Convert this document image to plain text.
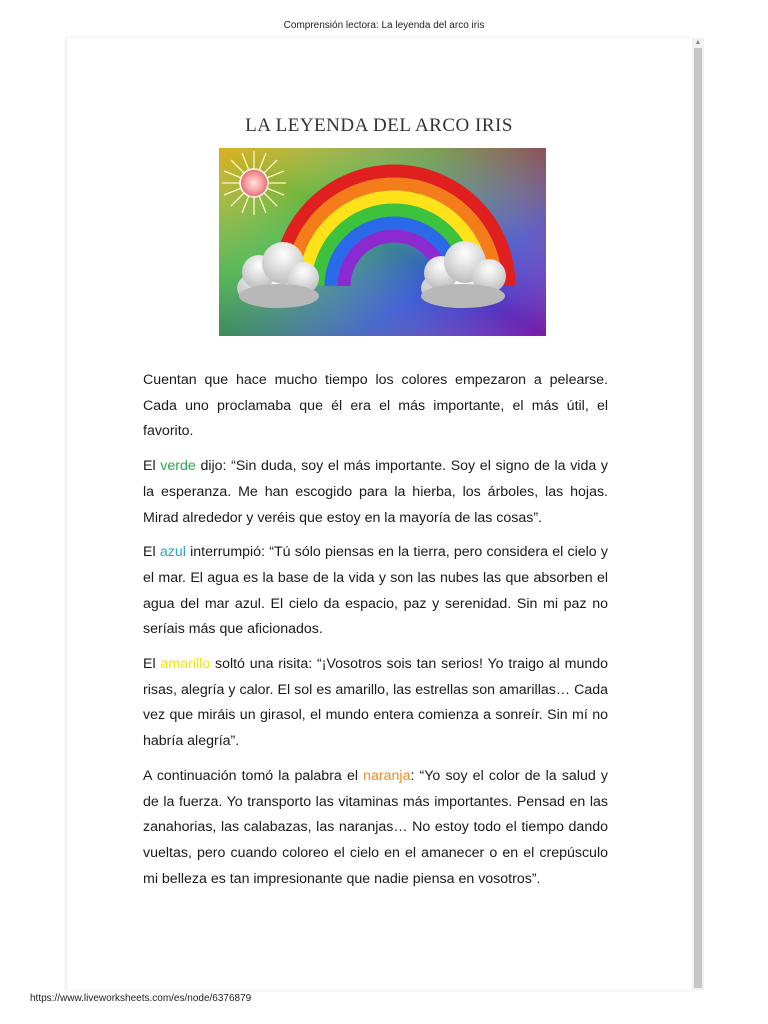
Comprensión lectora: La leyenda del arco iris
▲
LA LEYENDA DEL ARCO IRIS

Cuentan que hace mucho tiempo los colores empezaron a pelearse. Cada uno proclamaba que él era el más importante, el más útil, el favorito.

El verde dijo: “Sin duda, soy el más importante. Soy el signo de la vida y la esperanza. Me han escogido para la hierba, los árboles, las hojas. Mirad alrededor y veréis que estoy en la mayoría de las cosas”.

El azul interrumpió: “Tú sólo piensas en la tierra, pero considera el cielo y el mar. El agua es la base de la vida y son las nubes las que absorben el agua del mar azul. El cielo da espacio, paz y serenidad. Sin mi paz no seríais más que aficionados.

El amarillo soltó una risita: “¡Vosotros sois tan serios! Yo traigo al mundo risas, alegría y calor. El sol es amarillo, las estrellas son amarillas… Cada vez que miráis un girasol, el mundo entera comienza a sonreír. Sin mí no habría alegría”.

A continuación tomó la palabra el naranja: “Yo soy el color de la salud y de la fuerza. Yo transporto las vitaminas más importantes. Pensad en las zanahorias, las calabazas, las naranjas… No estoy todo el tiempo dando vueltas, pero cuando coloreo el cielo en el amanecer o en el crepúsculo mi belleza es tan impresionante que nadie piensa en vosotros”.

https://www.liveworksheets.com/es/node/6376879
